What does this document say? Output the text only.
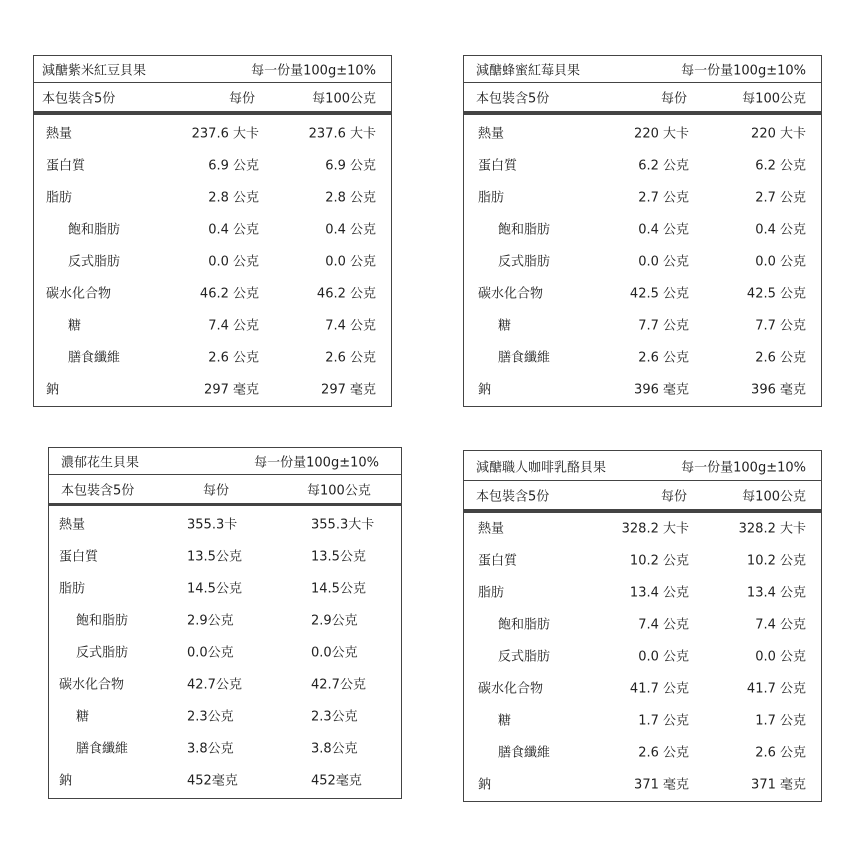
減醣紫米紅豆貝果	每一份量100g±10%
本包裝含5份	每份	每100公克
熱量	237.6 大卡	237.6 大卡
蛋白質	6.9 公克	6.9 公克
脂肪	2.8 公克	2.8 公克
飽和脂肪	0.4 公克	0.4 公克
反式脂肪	0.0 公克	0.0 公克
碳水化合物	46.2 公克	46.2 公克
糖	7.4 公克	7.4 公克
膳食纖維	2.6 公克	2.6 公克
鈉	297 毫克	297 毫克
減醣蜂蜜紅莓貝果	每一份量100g±10%
本包裝含5份	每份	每100公克
熱量	220 大卡	220 大卡
蛋白質	6.2 公克	6.2 公克
脂肪	2.7 公克	2.7 公克
飽和脂肪	0.4 公克	0.4 公克
反式脂肪	0.0 公克	0.0 公克
碳水化合物	42.5 公克	42.5 公克
糖	7.7 公克	7.7 公克
膳食纖維	2.6 公克	2.6 公克
鈉	396 毫克	396 毫克
濃郁花生貝果	每一份量100g±10%
本包裝含5份	每份	每100公克
熱量	355.3卡	355.3大卡
蛋白質	13.5公克	13.5公克
脂肪	14.5公克	14.5公克
飽和脂肪	2.9公克	2.9公克
反式脂肪	0.0公克	0.0公克
碳水化合物	42.7公克	42.7公克
糖	2.3公克	2.3公克
膳食纖維	3.8公克	3.8公克
鈉	452毫克	452毫克
減醣職人咖啡乳酪貝果	每一份量100g±10%
本包裝含5份	每份	每100公克
熱量	328.2 大卡	328.2 大卡
蛋白質	10.2 公克	10.2 公克
脂肪	13.4 公克	13.4 公克
飽和脂肪	7.4 公克	7.4 公克
反式脂肪	0.0 公克	0.0 公克
碳水化合物	41.7 公克	41.7 公克
糖	1.7 公克	1.7 公克
膳食纖維	2.6 公克	2.6 公克
鈉	371 毫克	371 毫克
